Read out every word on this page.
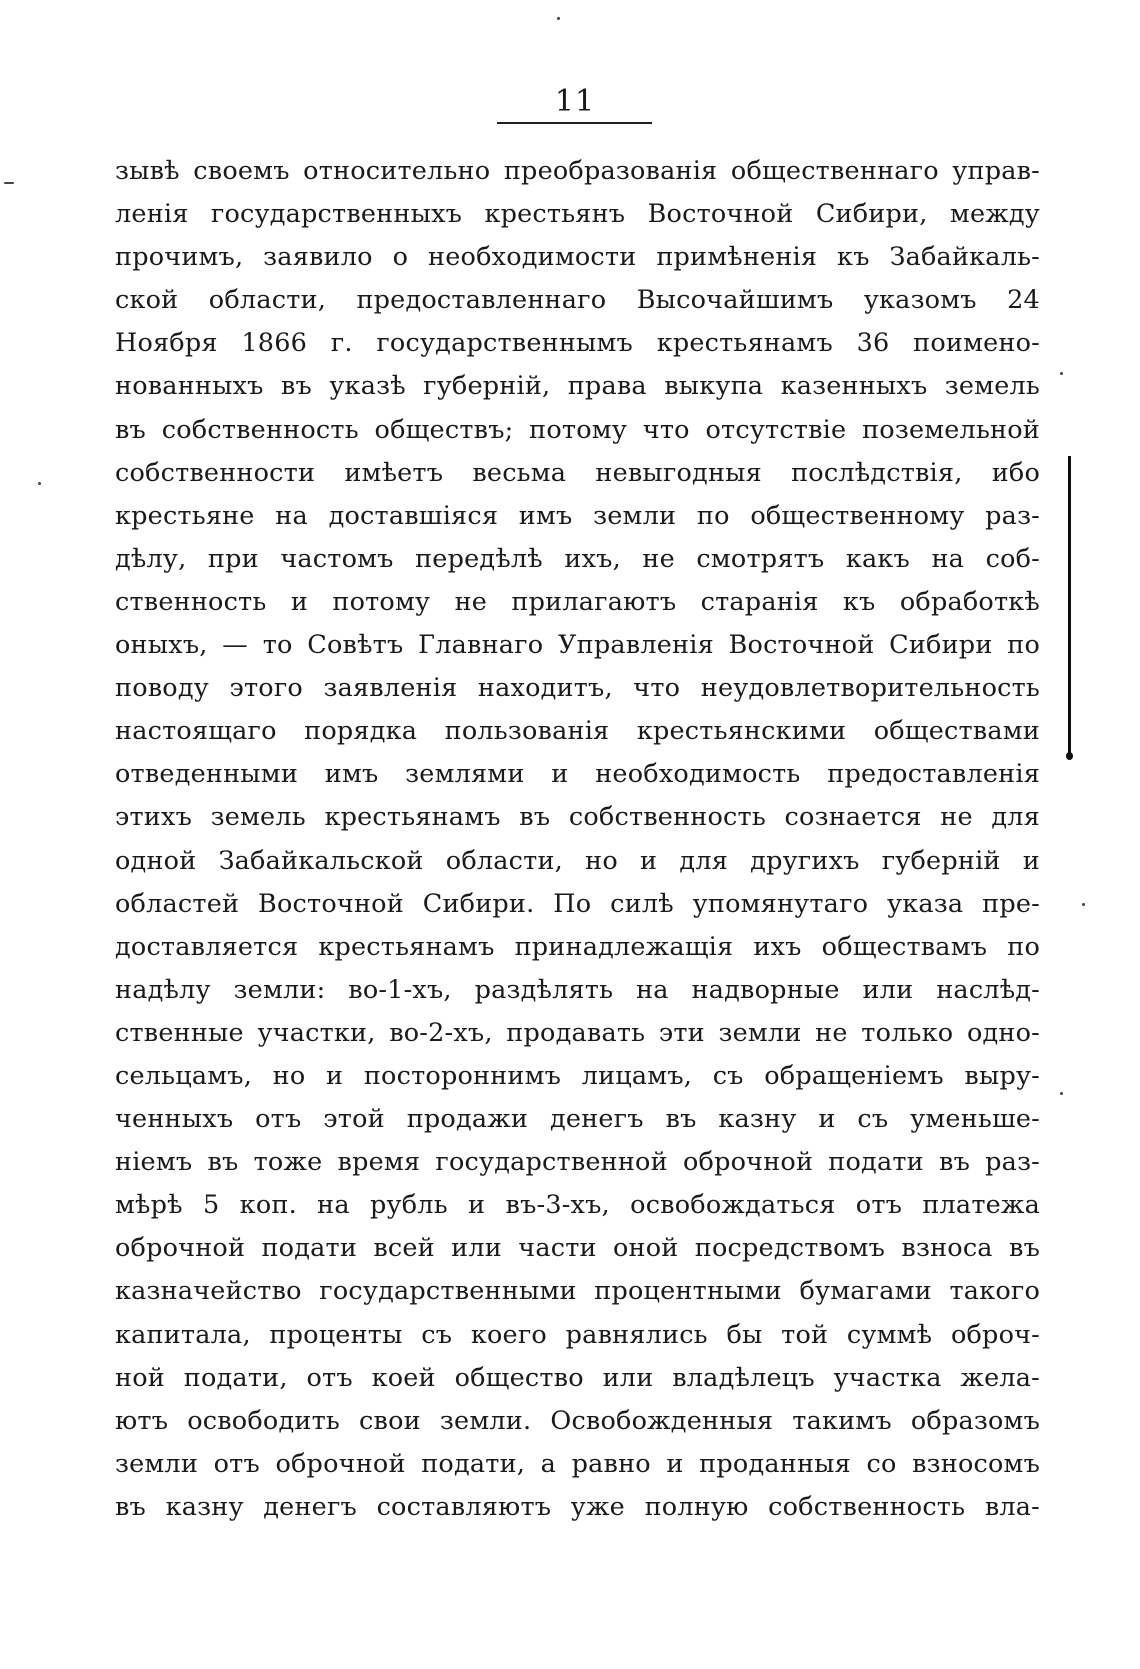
11
зывѣ своемъ относительно преобразованія общественнаго управ-
ленія государственныхъ крестьянъ Восточной Сибири, между
прочимъ, заявило о необходимости примѣненія къ Забайкаль-
ской области, предоставленнаго Высочайшимъ указомъ 24
Ноября 1866 г. государственнымъ крестьянамъ 36 поимено-
нованныхъ въ указѣ губерній, права выкупа казенныхъ земель
въ собственность обществъ; потому что отсутствіе поземельной
собственности имѣетъ весьма невыгодныя послѣдствія, ибо
крестьяне на доставшіяся имъ земли по общественному раз-
дѣлу, при частомъ передѣлѣ ихъ, не смотрятъ какъ на соб-
ственность и потому не прилагаютъ старанія къ обработкѣ
оныхъ, — то Совѣтъ Главнаго Управленія Восточной Сибири по
поводу этого заявленія находитъ, что неудовлетворительность
настоящаго порядка пользованія крестьянскими обществами
отведенными имъ землями и необходимость предоставленія
этихъ земель крестьянамъ въ собственность сознается не для
одной Забайкальской области, но и для другихъ губерній и
областей Восточной Сибири. По силѣ упомянутаго указа пре-
доставляется крестьянамъ принадлежащія ихъ обществамъ по
надѣлу земли: во-1-хъ, раздѣлять на надворные или наслѣд-
ственные участки, во-2-хъ, продавать эти земли не только одно-
сельцамъ, но и постороннимъ лицамъ, съ обращеніемъ выру-
ченныхъ отъ этой продажи денегъ въ казну и съ уменьше-
ніемъ въ тоже время государственной оброчной подати въ раз-
мѣрѣ 5 коп. на рубль и въ-3-хъ, освобождаться отъ платежа
оброчной подати всей или части оной посредствомъ взноса въ
казначейство государственными процентными бумагами такого
капитала, проценты съ коего равнялись бы той суммѣ оброч-
ной подати, отъ коей общество или владѣлецъ участка жела-
ютъ освободить свои земли. Освобожденныя такимъ образомъ
земли отъ оброчной подати, а равно и проданныя со взносомъ
въ казну денегъ составляютъ уже полную собственность вла-
